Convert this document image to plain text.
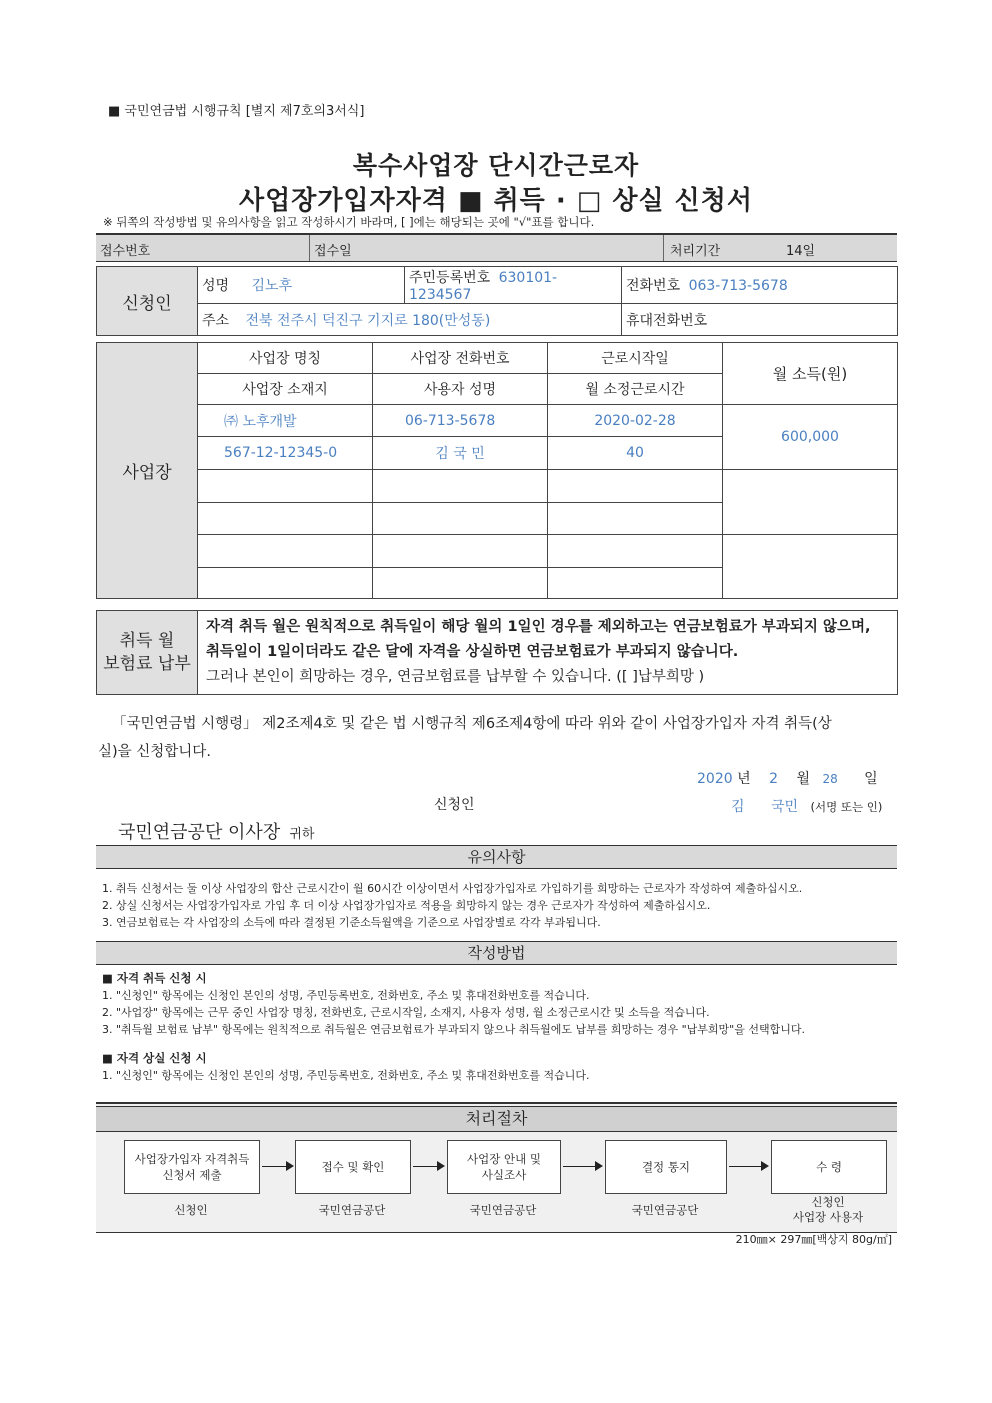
■ 국민연금법 시행규칙 [별지 제7호의3서식]
복수사업장 단시간근로자
사업장가입자자격 ■ 취득 · □ 상실 신청서
※ 뒤쪽의 작성방법 및 유의사항을 읽고 작성하시기 바라며, [ ]에는 해당되는 곳에 "√"표를 합니다.
접수번호	접수일	처리기간	14일
신청인	성명 김노후	주민등록번호 630101-1234567	전화번호 063-713-5678
	주소 전북 전주시 덕진구 기지로 180(만성동)		휴대전화번호
사업장	사업장 명칭	사업장 전화번호	근로시작일	월 소득(원)
	사업장 소재지	사용자 성명	월 소정근로시간	
	㈜ 노후개발	06-713-5678	2020-02-28	600,000
	567-12-12345-0	김 국 민	40	

취득 월
보험료 납부

자격 취득 월은 원칙적으로 취득일이 해당 월의 1일인 경우를 제외하고는 연금보험료가 부과되지 않으며,
취득일이 1일이더라도 같은 달에 자격을 상실하면 연금보험료가 부과되지 않습니다.
그러나 본인이 희망하는 경우, 연금보험료를 납부할 수 있습니다. ([ ]납부희망 )
「국민연금법 시행령」 제2조제4호 및 같은 법 시행규칙 제6조제4항에 따라 위와 같이 사업장가입자 자격 취득(상
실)을 신청합니다.
2020 년 2 월 28 일
신청인	김 국민 (서명 또는 인)
국민연금공단 이사장 귀하
유의사항
1. 취득 신청서는 둘 이상 사업장의 합산 근로시간이 월 60시간 이상이면서 사업장가입자로 가입하기를 희망하는 근로자가 작성하여 제출하십시오.
2. 상실 신청서는 사업장가입자로 가입 후 더 이상 사업장가입자로 적용을 희망하지 않는 경우 근로자가 작성하여 제출하십시오.
3. 연금보험료는 각 사업장의 소득에 따라 결정된 기준소득월액을 기준으로 사업장별로 각각 부과됩니다.
작성방법
■ 자격 취득 신청 시
1. "신청인" 항목에는 신청인 본인의 성명, 주민등록번호, 전화번호, 주소 및 휴대전화번호를 적습니다.
2. "사업장" 항목에는 근무 중인 사업장 명칭, 전화번호, 근로시작일, 소재지, 사용자 성명, 월 소정근로시간 및 소득을 적습니다.
3. "취득월 보험료 납부" 항목에는 원칙적으로 취득월은 연금보험료가 부과되지 않으나 취득월에도 납부를 희망하는 경우 "납부희망"을 선택합니다.
■ 자격 상실 신청 시
1. "신청인" 항목에는 신청인 본인의 성명, 주민등록번호, 전화번호, 주소 및 휴대전화번호를 적습니다.
처리절차
사업장가입자 자격취득
신청서 제출
접수 및 확인
사업장 안내 및
사실조사
결정 통지	수 령
신청인	국민연금공단	국민연금공단	국민연금공단
신청인
사업장 사용자
210㎜× 297㎜[백상지 80g/㎡]
